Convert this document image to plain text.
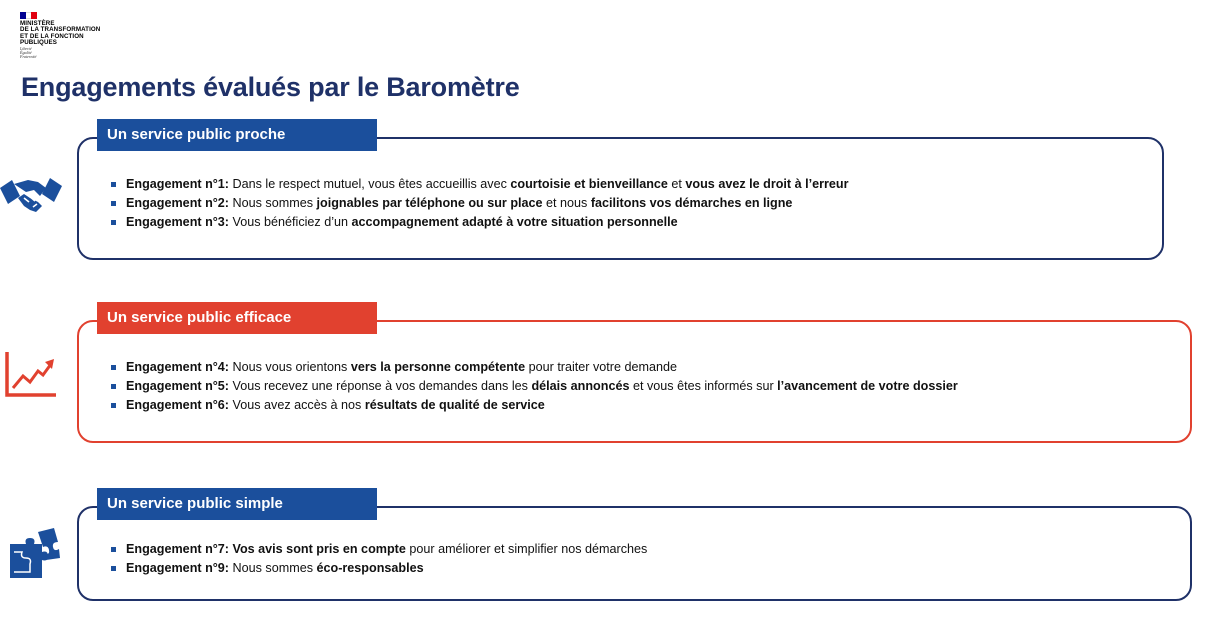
MINISTÈRE
DE LA TRANSFORMATION
ET DE LA FONCTION
PUBLIQUES
Liberté
Égalité
Fraternité
Engagements évalués par le Baromètre
Un service public proche
Engagement n°1: Dans le respect mutuel, vous êtes accueillis avec courtoisie et bienveillance et vous avez le droit à l’erreur
Engagement n°2: Nous sommes joignables par téléphone ou sur place et nous facilitons vos démarches en ligne
Engagement n°3: Vous bénéficiez d’un accompagnement adapté à votre situation personnelle
Un service public efficace
Engagement n°4: Nous vous orientons vers la personne compétente pour traiter votre demande
Engagement n°5: Vous recevez une réponse à vos demandes dans les délais annoncés et vous êtes informés sur l’avancement de votre dossier
Engagement n°6: Vous avez accès à nos résultats de qualité de service
Un service public simple
Engagement n°7: Vos avis sont pris en compte pour améliorer et simplifier nos démarches
Engagement n°9: Nous sommes éco-responsables
